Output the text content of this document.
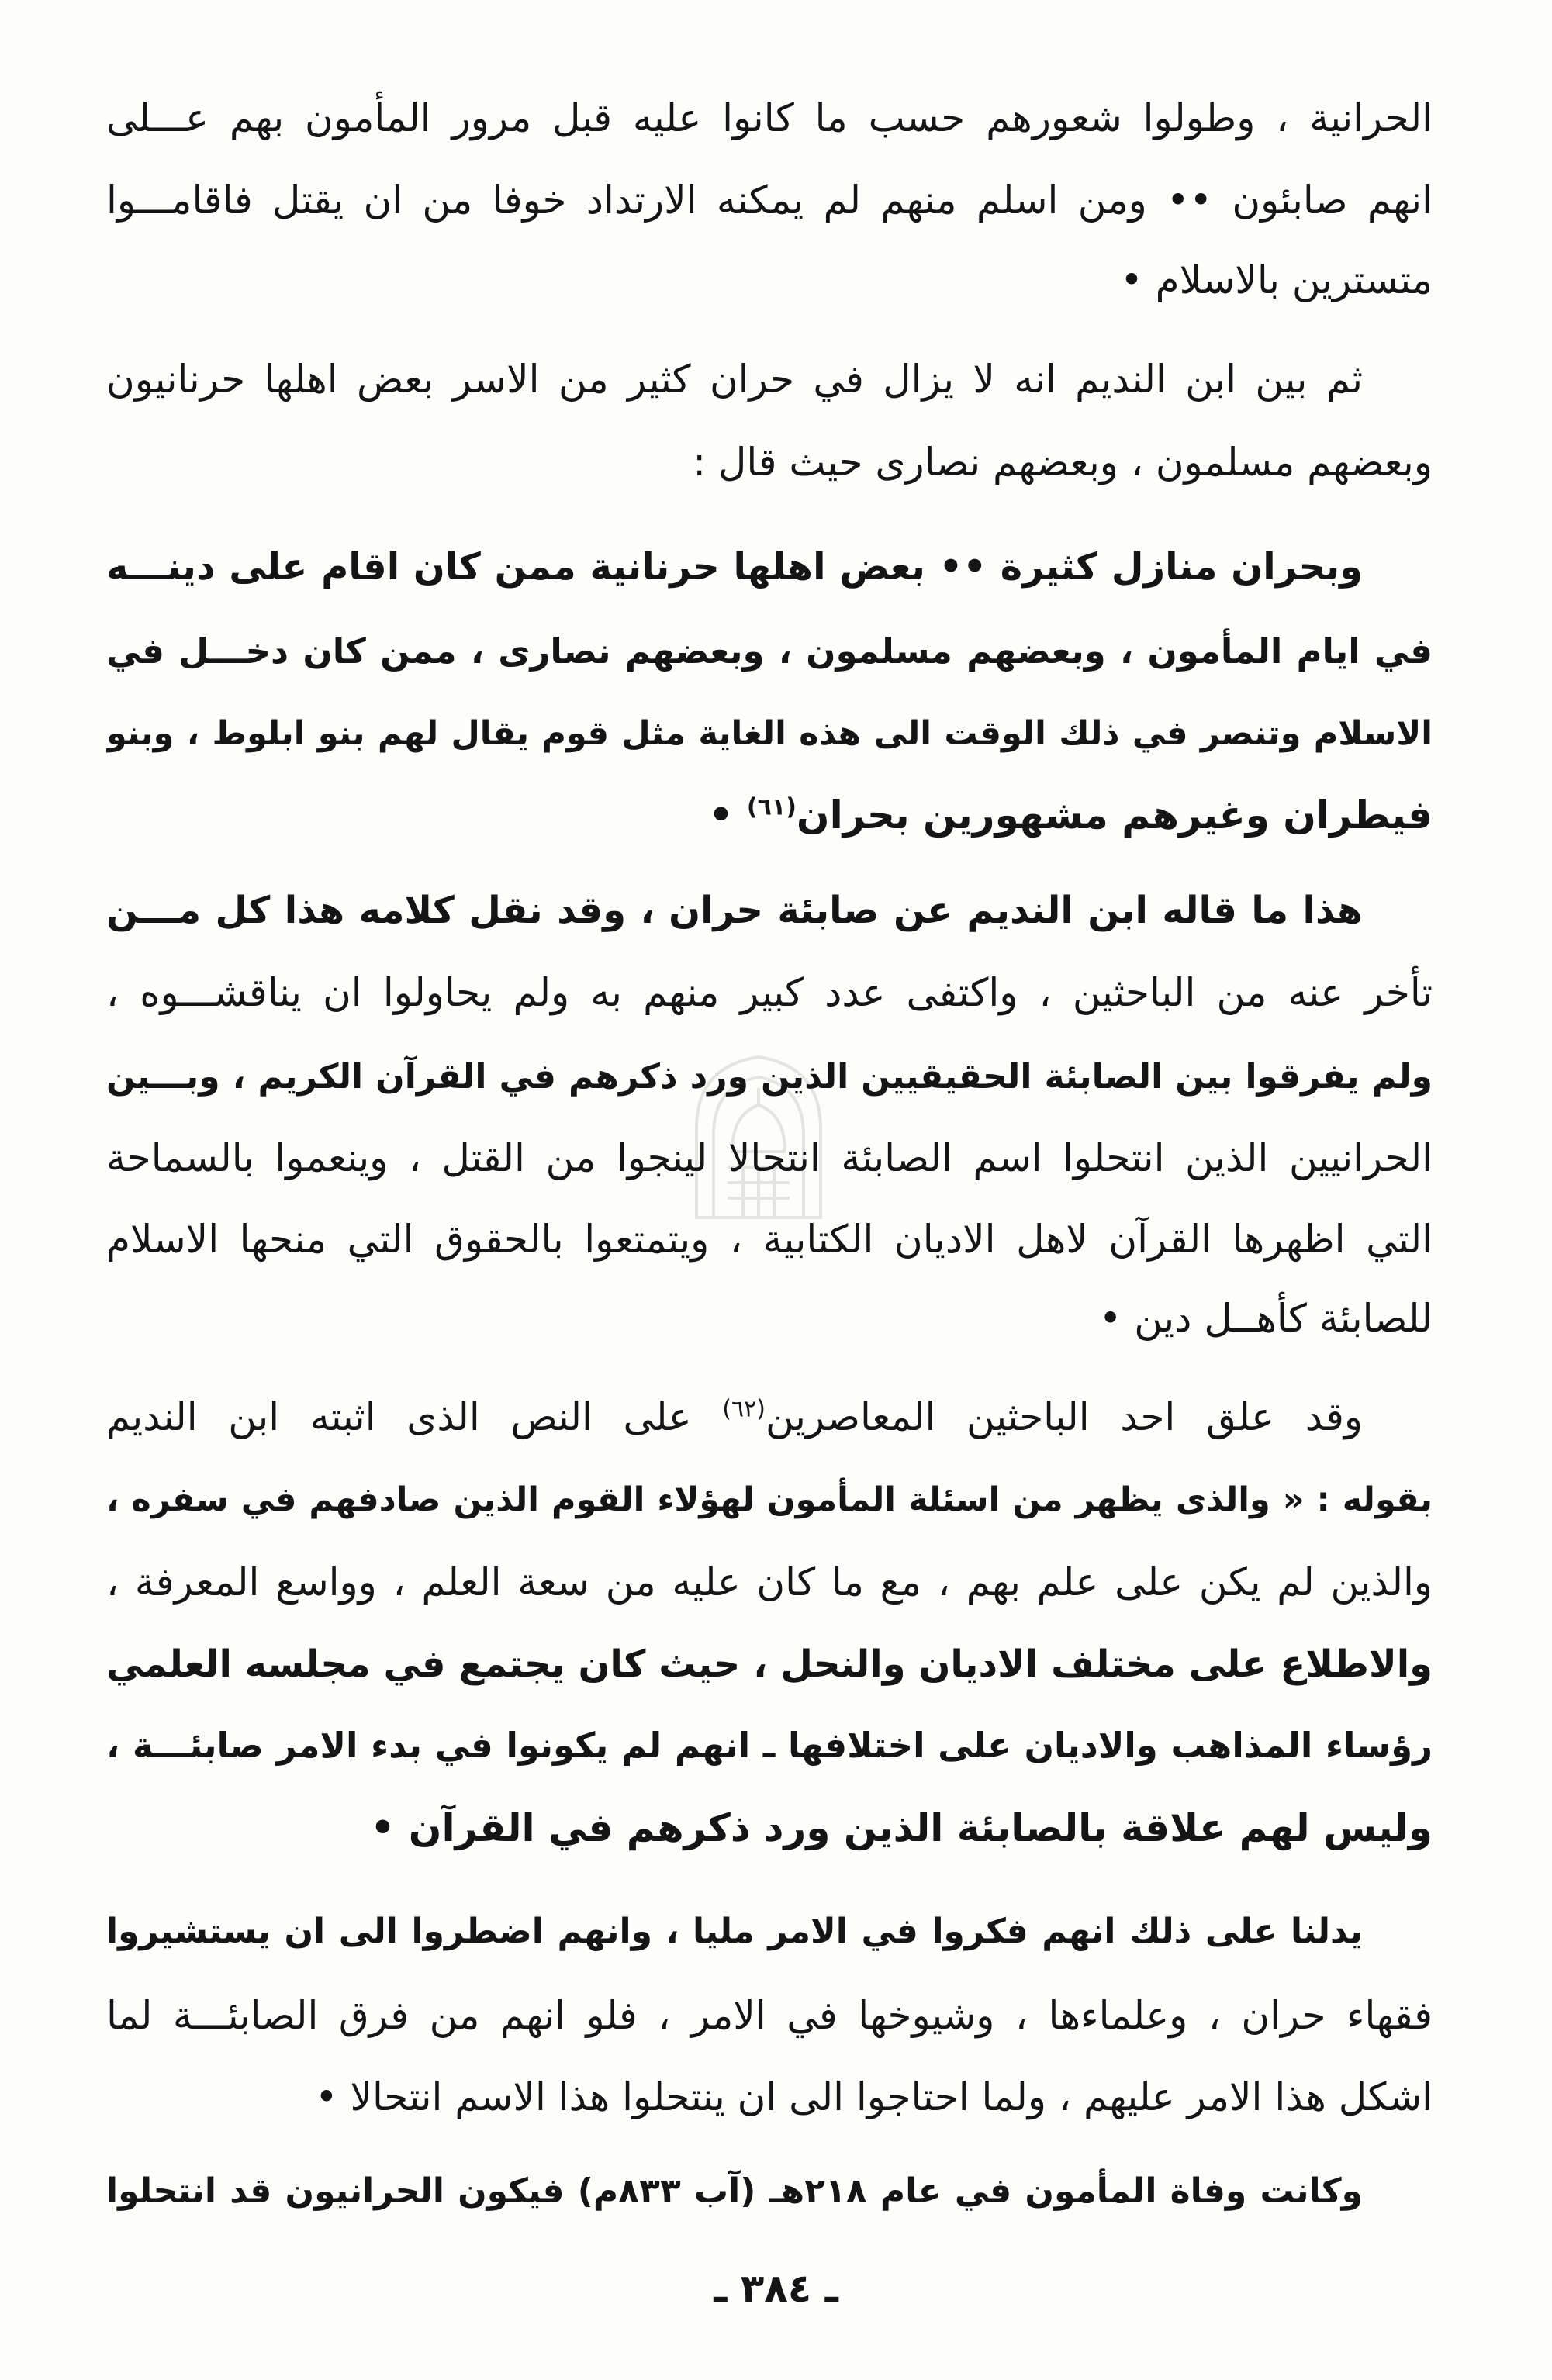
الحرانية ، وطولوا شعورهم حسب ما كانوا عليه قبل مرور المأمون بهم عـــلى
انهم صابئون •• ومن اسلم منهم لم يمكنه الارتداد خوفا من ان يقتل فاقامـــوا
متسترين بالاسلام •
ثم بين ابن النديم انه لا يزال في حران كثير من الاسر بعض اهلها حرنانيون
وبعضهم مسلمون ، وبعضهم نصارى حيث قال :
وبحران منازل كثيرة •• بعض اهلها حرنانية ممن كان اقام على دينـــه
في ايام المأمون ، وبعضهم مسلمون ، وبعضهم نصارى ، ممن كان دخـــل في
الاسلام وتنصر في ذلك الوقت الى هذه الغاية مثل قوم يقال لهم بنو ابلوط ، وبنو
فيطران وغيرهم مشهورين بحران$^{(٦١)}$ •
هذا ما قاله ابن النديم عن صابئة حران ، وقد نقل كلامه هذا كل مـــن
تأخر عنه من الباحثين ، واكتفى عدد كبير منهم به ولم يحاولوا ان يناقشـــوه ،
ولم يفرقوا بين الصابئة الحقيقيين الذين ورد ذكرهم في القرآن الكريم ، وبـــين
الحرانيين الذين انتحلوا اسم الصابئة انتحالا لينجوا من القتل ، وينعموا بالسماحة
التي اظهرها القرآن لاهل الاديان الكتابية ، ويتمتعوا بالحقوق التي منحها الاسلام
للصابئة كأهــل دين •
وقد علق احد الباحثين المعاصرين$^{(٦٢)}$ على النص الذى اثبته ابن النديم
بقوله : « والذى يظهر من اسئلة المأمون لهؤلاء القوم الذين صادفهم في سفره ،
والذين لم يكن على علم بهم ، مع ما كان عليه من سعة العلم ، وواسع المعرفة ،
والاطلاع على مختلف الاديان والنحل ، حيث كان يجتمع في مجلسه العلمي
رؤساء المذاهب والاديان على اختلافها ـ انهم لم يكونوا في بدء الامر صابئـــة ،
وليس لهم علاقة بالصابئة الذين ورد ذكرهم في القرآن •
يدلنا على ذلك انهم فكروا في الامر مليا ، وانهم اضطروا الى ان يستشيروا
فقهاء حران ، وعلماءها ، وشيوخها في الامر ، فلو انهم من فرق الصابئـــة لما
اشكل هذا الامر عليهم ، ولما احتاجوا الى ان ينتحلوا هذا الاسم انتحالا •
وكانت وفاة المأمون في عام ٢١٨هـ (آب ٨٣٣م) فيكون الحرانيون قد انتحلوا
ـ ٣٨٤ ـ
